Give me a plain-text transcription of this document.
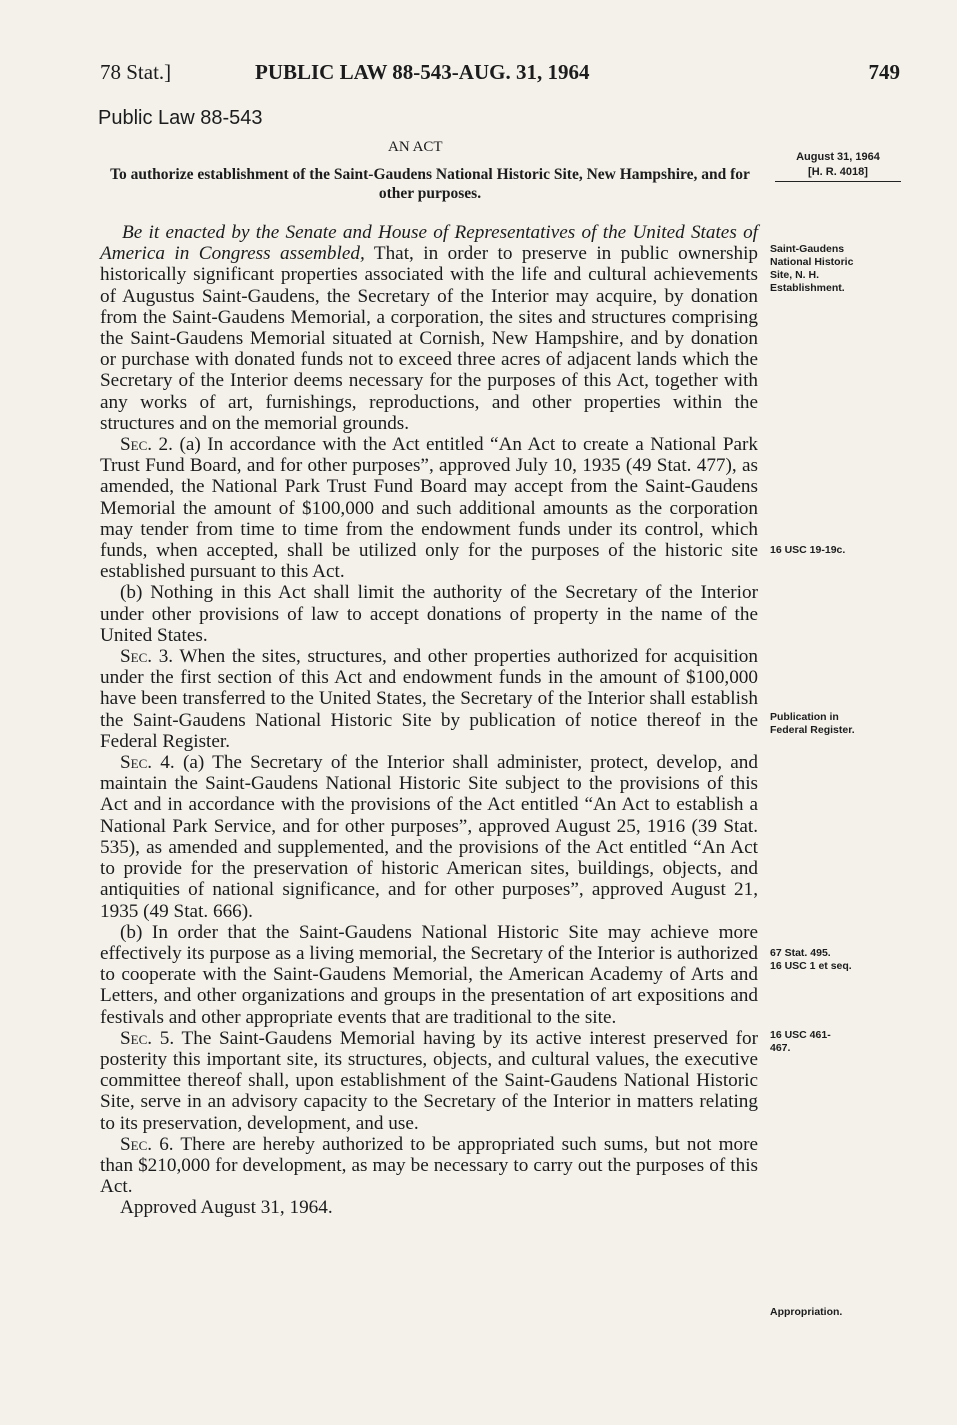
78 Stat.]	PUBLIC LAW 88-543-AUG. 31, 1964	749
Public Law 88-543
AN ACT
To authorize establishment of the Saint-Gaudens National Historic Site, New Hampshire, and for other purposes.
August 31, 1964
[H. R. 4018]

Be it enacted by the Senate and House of Representatives of the United States of America in Congress assembled, That, in order to preserve in public ownership historically significant properties associated with the life and cultural achievements of Augustus Saint-Gaudens, the Secretary of the Interior may acquire, by donation from the Saint-Gaudens Memorial, a corporation, the sites and structures comprising the Saint-Gaudens Memorial situated at Cornish, New Hampshire, and by donation or purchase with donated funds not to exceed three acres of adjacent lands which the Secretary of the Interior deems necessary for the purposes of this Act, together with any works of art, furnishings, reproductions, and other properties within the structures and on the memorial grounds.

Sec. 2. (a) In accordance with the Act entitled “An Act to create a National Park Trust Fund Board, and for other purposes”, approved July 10, 1935 (49 Stat. 477), as amended, the National Park Trust Fund Board may accept from the Saint-Gaudens Memorial the amount of $100,000 and such additional amounts as the corporation may tender from time to time from the endowment funds under its control, which funds, when accepted, shall be utilized only for the purposes of the historic site established pursuant to this Act.

(b) Nothing in this Act shall limit the authority of the Secretary of the Interior under other provisions of law to accept donations of property in the name of the United States.

Sec. 3. When the sites, structures, and other properties authorized for acquisition under the first section of this Act and endowment funds in the amount of $100,000 have been transferred to the United States, the Secretary of the Interior shall establish the Saint-Gaudens National Historic Site by publication of notice thereof in the Federal Register.

Sec. 4. (a) The Secretary of the Interior shall administer, protect, develop, and maintain the Saint-Gaudens National Historic Site subject to the provisions of this Act and in accordance with the provisions of the Act entitled “An Act to establish a National Park Service, and for other purposes”, approved August 25, 1916 (39 Stat. 535), as amended and supplemented, and the provisions of the Act entitled “An Act to provide for the preservation of historic American sites, buildings, objects, and antiquities of national significance, and for other purposes”, approved August 21, 1935 (49 Stat. 666).

(b) In order that the Saint-Gaudens National Historic Site may achieve more effectively its purpose as a living memorial, the Secretary of the Interior is authorized to cooperate with the Saint-Gaudens Memorial, the American Academy of Arts and Letters, and other organizations and groups in the presentation of art expositions and festivals and other appropriate events that are traditional to the site.

Sec. 5. The Saint-Gaudens Memorial having by its active interest preserved for posterity this important site, its structures, objects, and cultural values, the executive committee thereof shall, upon establishment of the Saint-Gaudens National Historic Site, serve in an advisory capacity to the Secretary of the Interior in matters relating to its preservation, development, and use.

Sec. 6. There are hereby authorized to be appropriated such sums, but not more than $210,000 for development, as may be necessary to carry out the purposes of this Act.

Approved August 31, 1964.

Saint-Gaudens
National Historic
Site, N. H.
Establishment.
16 USC 19-19c.
Publication in
Federal Register.
67 Stat. 495.
16 USC 1 et seq.
16 USC 461-
467.
Appropriation.
